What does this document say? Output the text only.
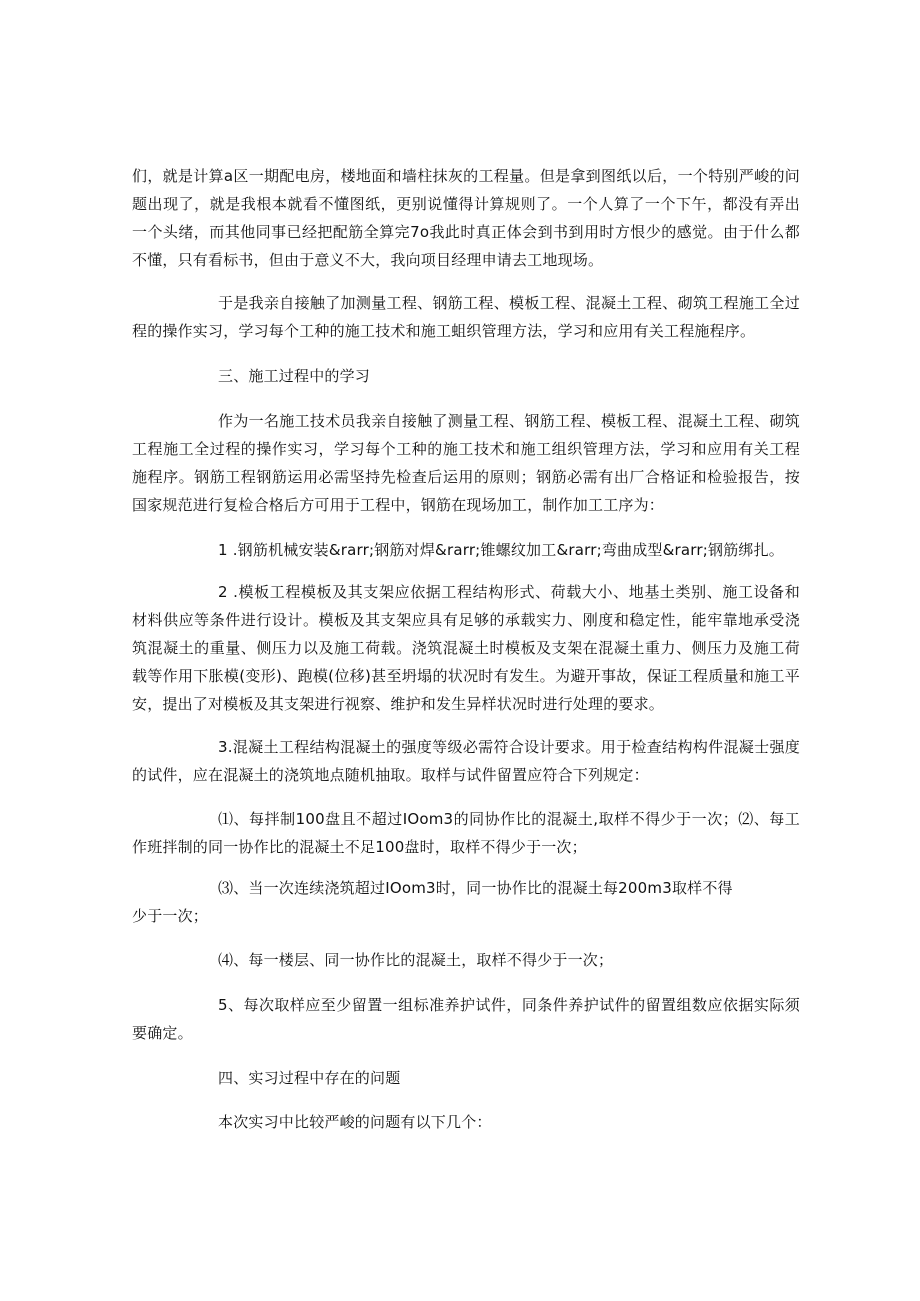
们，就是计算a区一期配电房，楼地面和墙柱抹灰的工程量。但是拿到图纸以后，一个特别严峻的问题出现了，就是我根本就看不懂图纸，更别说懂得计算规则了。一个人算了一个下午，都没有弄出一个头绪，而其他同事已经把配筋全算完7o我此时真正体会到书到用时方恨少的感觉。由于什么都不懂，只有看标书，但由于意义不大，我向项目经理申请去工地现场。

于是我亲自接触了加测量工程、钢筋工程、模板工程、混凝土工程、砌筑工程施工全过程的操作实习，学习每个工种的施工技术和施工蛆织管理方法，学习和应用有关工程施程序。

三、施工过程中的学习

作为一名施工技术员我亲自接触了测量工程、钢筋工程、模板工程、混凝土工程、砌筑工程施工全过程的操作实习，学习每个工种的施工技术和施工组织管理方法，学习和应用有关工程施程序。钢筋工程钢筋运用必需坚持先检查后运用的原则；钢筋必需有出厂合格证和检验报告，按国家规范进行复检合格后方可用于工程中，钢筋在现场加工，制作加工工序为：

1 .钢筋机械安装&rarr;钢筋对焊&rarr;锥螺纹加工&rarr;弯曲成型&rarr;钢筋绑扎。

2 .模板工程模板及其支架应依据工程结构形式、荷载大小、地基土类别、施工设备和材料供应等条件进行设计。模板及其支架应具有足够的承载实力、刚度和稳定性，能牢靠地承受浇筑混凝土的重量、侧压力以及施工荷载。浇筑混凝土时模板及支架在混凝土重力、侧压力及施工荷载等作用下胀模(变形)、跑模(位移)甚至坍塌的状况时有发生。为避开事故，保证工程质量和施工平安，提出了对模板及其支架进行视察、维护和发生异样状况时进行处理的要求。

3.混凝土工程结构混凝土的强度等级必需符合设计要求。用于检查结构构件混凝士强度的试件，应在混凝土的浇筑地点随机抽取。取样与试件留置应符合下列规定：

⑴、每拌制100盘且不超过IOom3的同协作比的混凝土,取样不得少于一次；⑵、每工作班拌制的同一协作比的混凝土不足100盘时，取样不得少于一次；

⑶、当一次连续浇筑超过IOom3时，同一协作比的混凝土每200m3取样不得

少于一次；

⑷、每一楼层、同一协作比的混凝土，取样不得少于一次；

5、每次取样应至少留置一组标准养护试件，同条件养护试件的留置组数应依据实际须要确定。

四、实习过程中存在的问题

本次实习中比较严峻的问题有以下几个：
